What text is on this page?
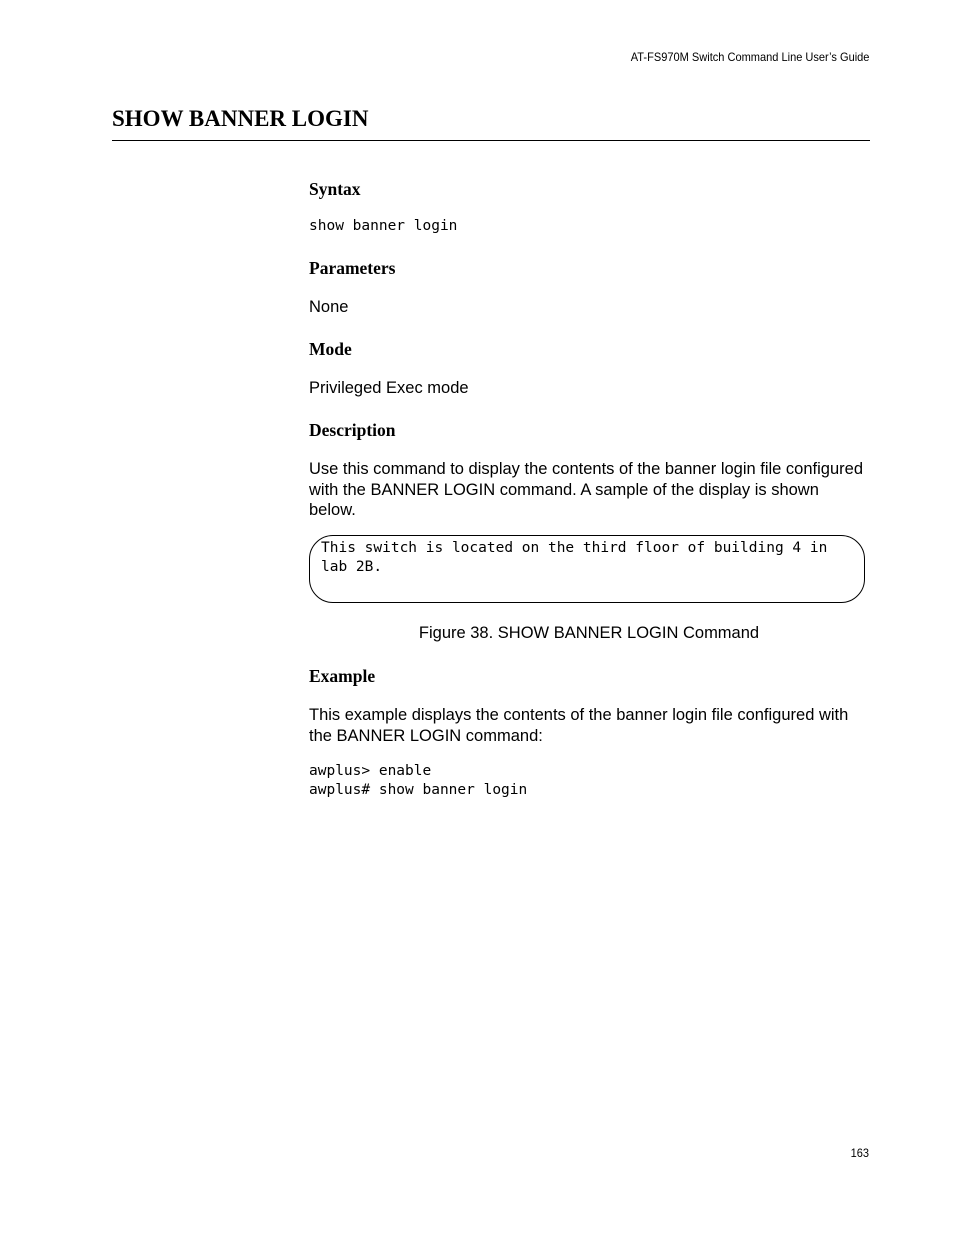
AT-FS970M Switch Command Line User’s Guide
SHOW BANNER LOGIN
Syntax
show banner login
Parameters

None

Mode

Privileged Exec mode

Description

Use this command to display the contents of the banner login file configured with the BANNER LOGIN command. A sample of the display is shown below.

Example

This example displays the contents of the banner login file configured with the BANNER LOGIN command:

awplus> enable
awplus# show banner login
This switch is located on the third floor of building 4 in
lab 2B.

Figure 38. SHOW BANNER LOGIN Command

163
